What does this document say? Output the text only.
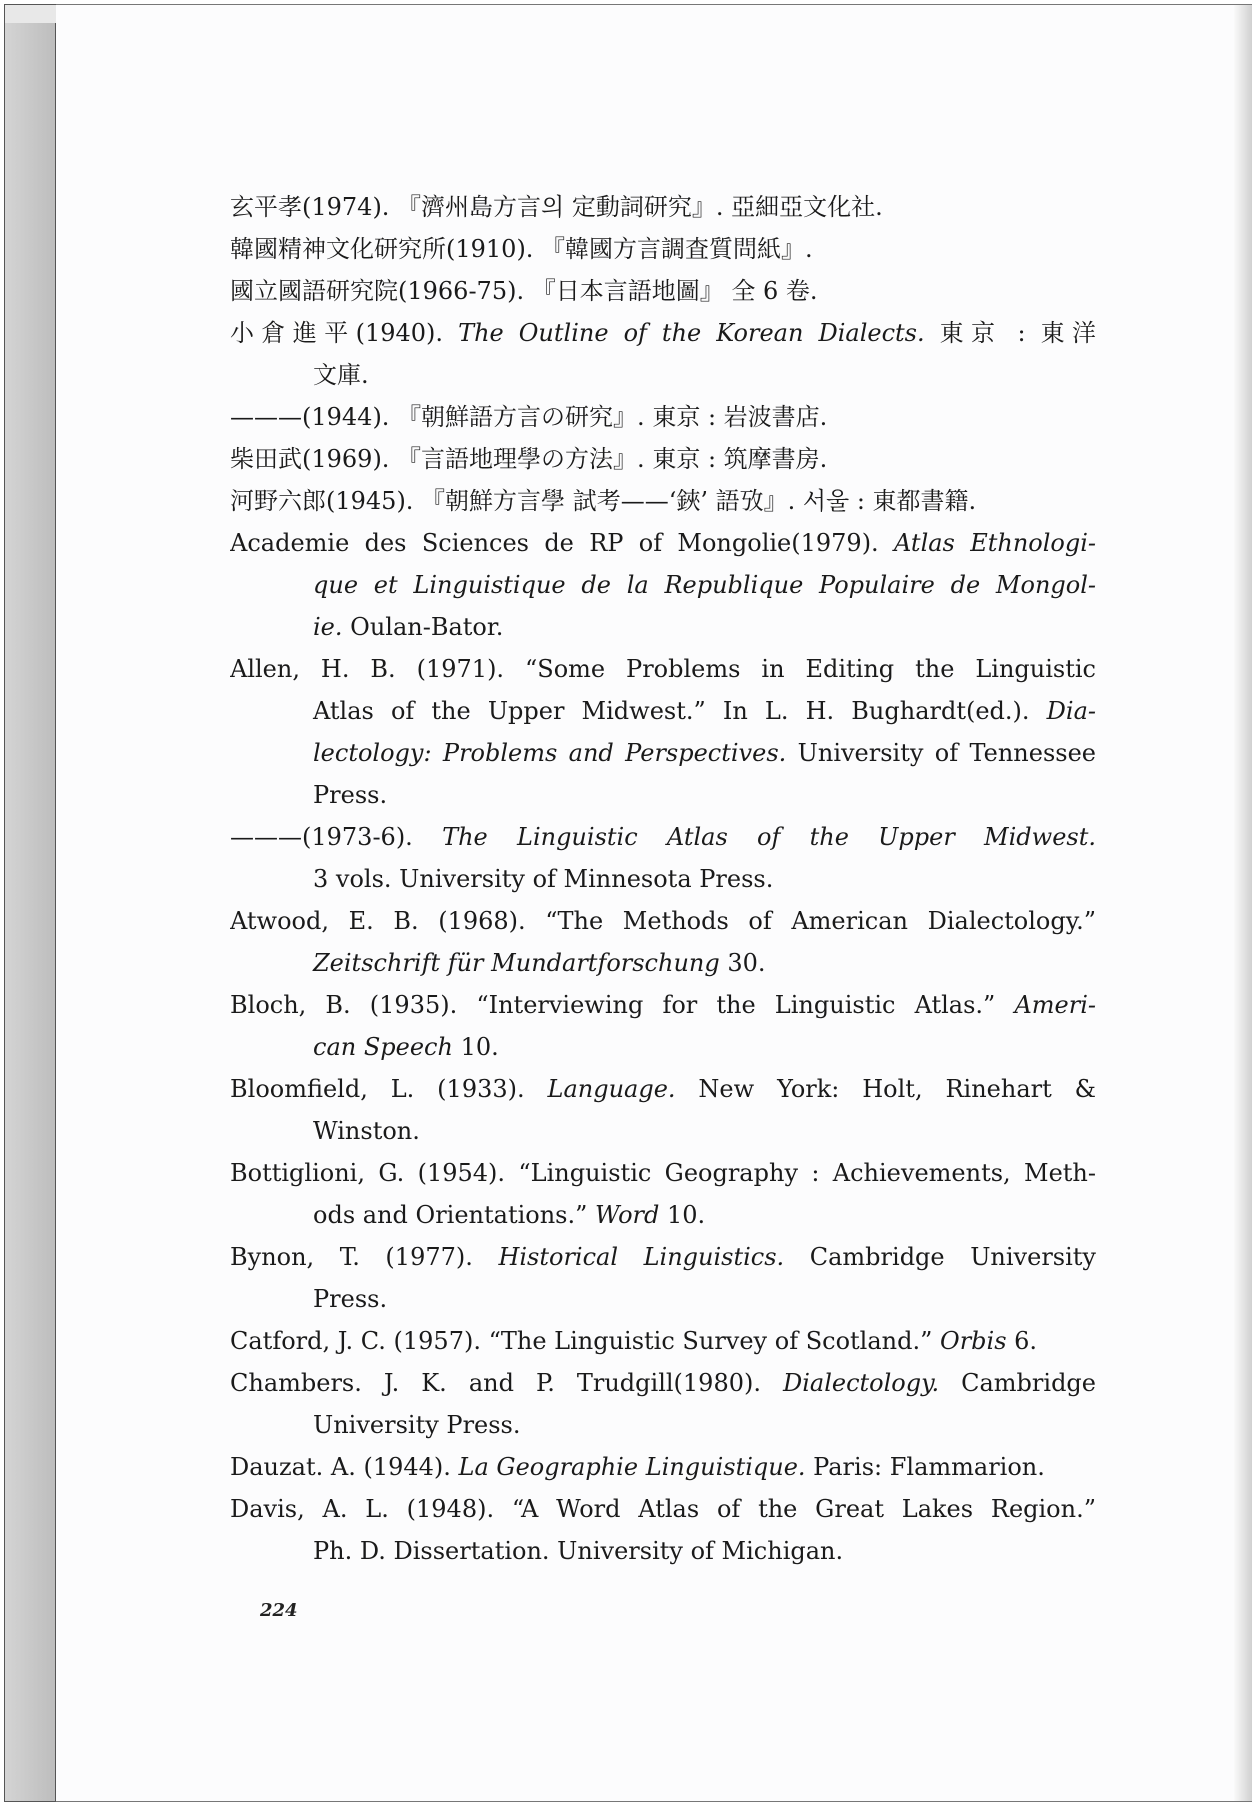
玄平孝(1974). 『濟州島方言의 定動詞研究』. 亞細亞文化社.
韓國精神文化研究所(1910). 『韓國方言調査質問紙』.
國立國語研究院(1966-75). 『日本言語地圖』 全 6 卷.
小倉進平(1940). The Outline of the Korean Dialects. 東京 : 東洋
文庫.
———(1944). 『朝鮮語方言の研究』. 東京 : 岩波書店.
柴田武(1969). 『言語地理學の方法』. 東京 : 筑摩書房.
河野六郎(1945). 『朝鮮方言學 試考——‘鋏’ 語攷』. 서울 : 東都書籍.
Academie des Sciences de RP of Mongolie(1979). Atlas Ethnologi-
que et Linguistique de la Republique Populaire de Mongol-
ie. Oulan-Bator.
Allen, H. B. (1971). “Some Problems in Editing the Linguistic
Atlas of the Upper Midwest.” In L. H. Bughardt(ed.). Dia-
lectology: Problems and Perspectives. University of Tennessee
Press.
———(1973-6). The Linguistic Atlas of the Upper Midwest.
3 vols. University of Minnesota Press.
Atwood, E. B. (1968). “The Methods of American Dialectology.”
Zeitschrift für Mundartforschung 30.
Bloch, B. (1935). “Interviewing for the Linguistic Atlas.” Ameri-
can Speech 10.
Bloomfield, L. (1933). Language. New York: Holt, Rinehart &
Winston.
Bottiglioni, G. (1954). “Linguistic Geography : Achievements, Meth-
ods and Orientations.” Word 10.
Bynon, T. (1977). Historical Linguistics. Cambridge University
Press.
Catford, J. C. (1957). “The Linguistic Survey of Scotland.” Orbis 6.
Chambers. J. K. and P. Trudgill(1980). Dialectology. Cambridge
University Press.
Dauzat. A. (1944). La Geographie Linguistique. Paris: Flammarion.
Davis, A. L. (1948). “A Word Atlas of the Great Lakes Region.”
Ph. D. Dissertation. University of Michigan.
224
